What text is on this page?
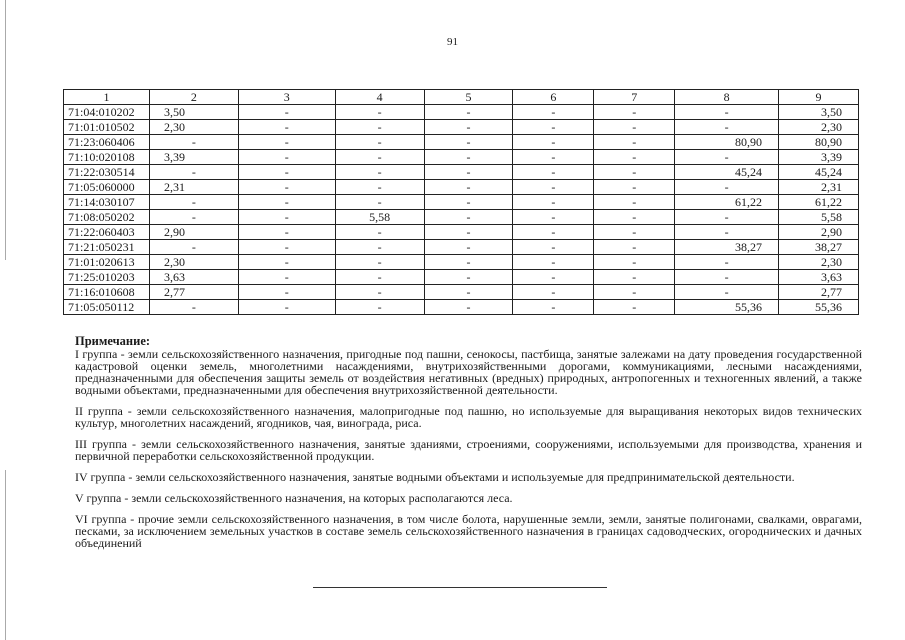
91
1	2	3	4	5	6	7	8	9
71:04:010202	3,50	-	-	-	-	-	-	3,50
71:01:010502	2,30	-	-	-	-	-	-	2,30
71:23:060406	-	-	-	-	-	-	80,90	80,90
71:10:020108	3,39	-	-	-	-	-	-	3,39
71:22:030514	-	-	-	-	-	-	45,24	45,24
71:05:060000	2,31	-	-	-	-	-	-	2,31
71:14:030107	-	-	-	-	-	-	61,22	61,22
71:08:050202	-	-	5,58	-	-	-	-	5,58
71:22:060403	2,90	-	-	-	-	-	-	2,90
71:21:050231	-	-	-	-	-	-	38,27	38,27
71:01:020613	2,30	-	-	-	-	-	-	2,30
71:25:010203	3,63	-	-	-	-	-	-	3,63
71:16:010608	2,77	-	-	-	-	-	-	2,77
71:05:050112	-	-	-	-	-	-	55,36	55,36
Примечание:

I группа - земли сельскохозяйственного назначения, пригодные под пашни, сенокосы, пастбища, занятые залежами на дату проведения государственной кадастровой оценки земель, многолетними насаждениями, внутрихозяйственными дорогами, коммуникациями, лесными насаждениями, предназначенными для обеспечения защиты земель от воздействия негативных (вредных) природных, антропогенных и техногенных явлений, а также водными объектами, предназначенными для обеспечения внутрихозяйственной деятельности.

II группа - земли сельскохозяйственного назначения, малопригодные под пашню, но используемые для выращивания некоторых видов технических культур, многолетних насаждений, ягодников, чая, винограда, риса.

III группа - земли сельскохозяйственного назначения, занятые зданиями, строениями, сооружениями, используемыми для производства, хранения и первичной переработки сельскохозяйственной продукции.

IV группа - земли сельскохозяйственного назначения, занятые водными объектами и используемые для предпринимательской деятельности.

V группа - земли сельскохозяйственного назначения, на которых располагаются леса.

VI группа - прочие земли сельскохозяйственного назначения, в том числе болота, нарушенные земли, земли, занятые полигонами, свалками, оврагами, песками, за исключением земельных участков в составе земель сельскохозяйственного назначения в границах садоводческих, огороднических и дачных объединений
